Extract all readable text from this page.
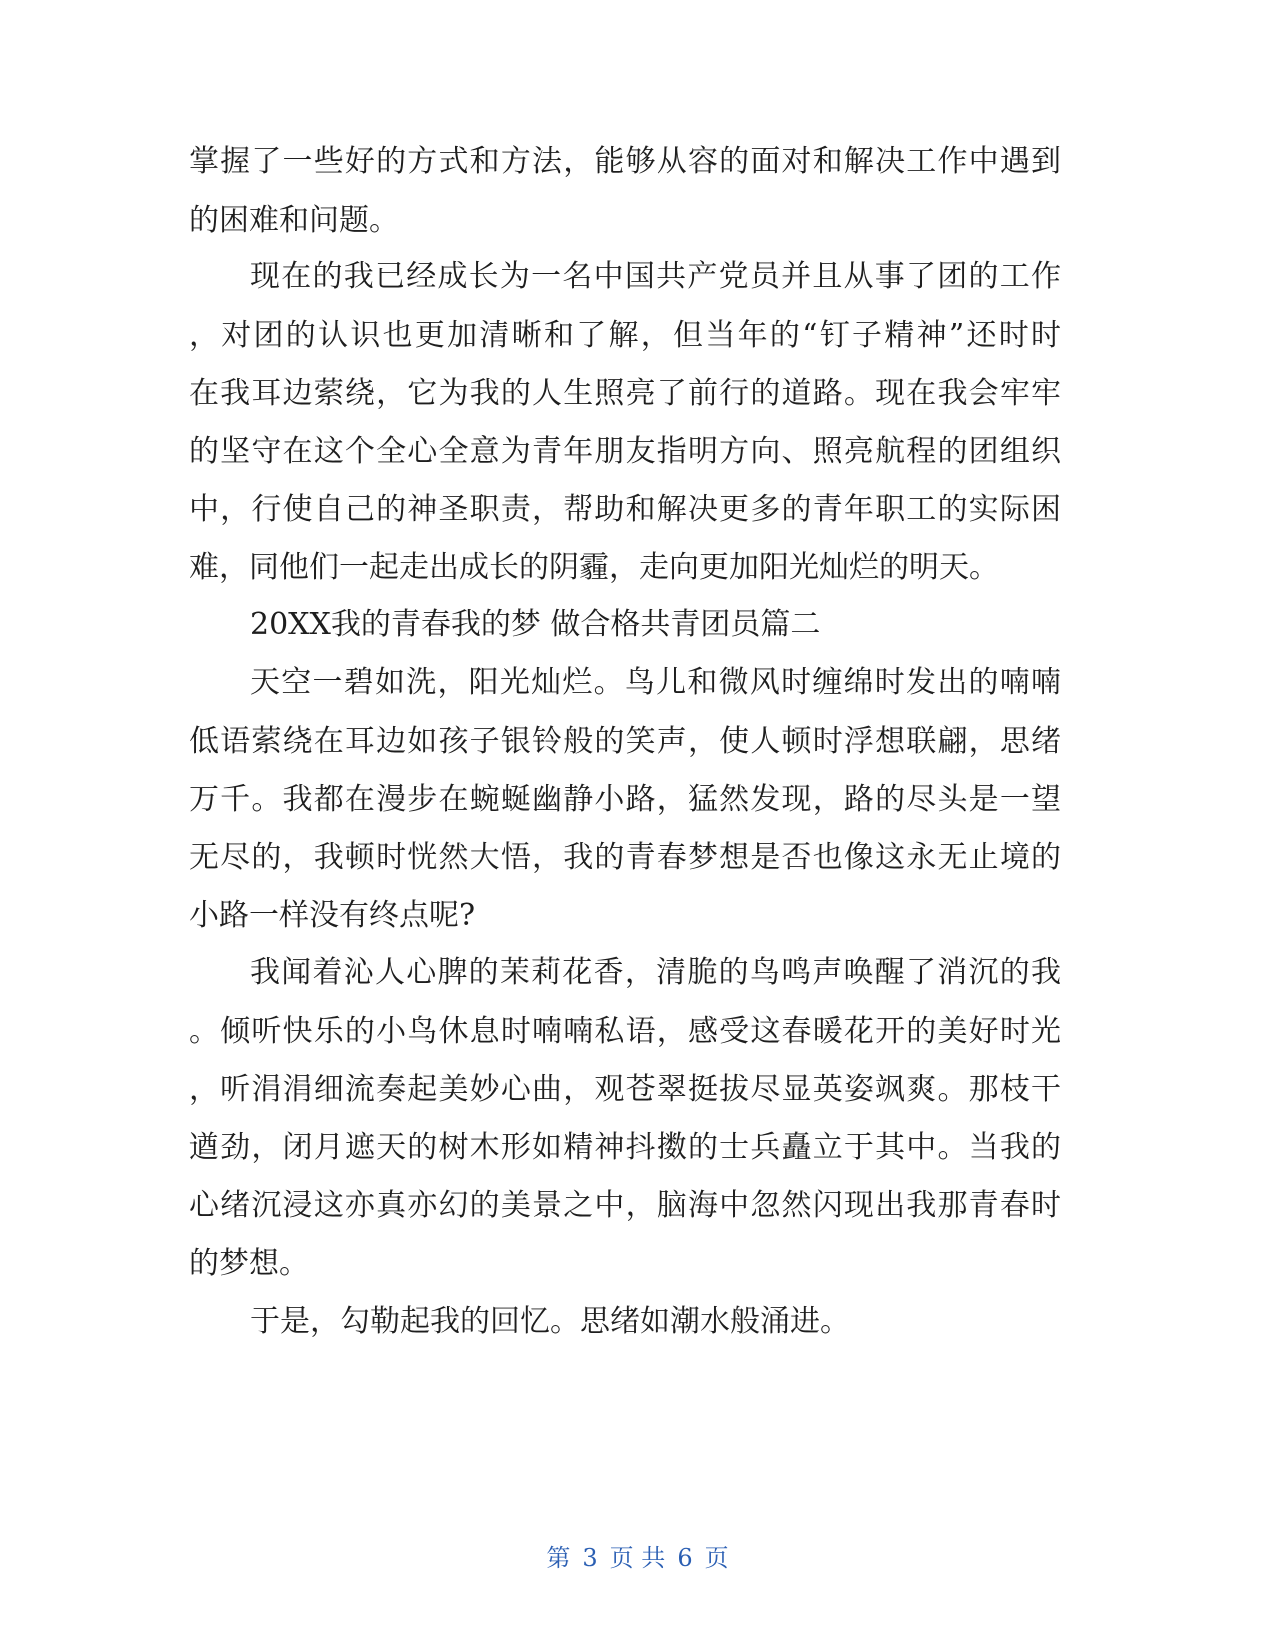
掌握了一些好的方式和方法，能够从容的面对和解决工作中遇到
的困难和问题。
现在的我已经成长为一名中国共产党员并且从事了团的工作
，对团的认识也更加清晰和了解，但当年的“钉子精神”还时时
在我耳边萦绕，它为我的人生照亮了前行的道路。现在我会牢牢
的坚守在这个全心全意为青年朋友指明方向、照亮航程的团组织
中，行使自己的神圣职责，帮助和解决更多的青年职工的实际困
难，同他们一起走出成长的阴霾，走向更加阳光灿烂的明天。
20XX我的青春我的梦 做合格共青团员篇二
天空一碧如洗，阳光灿烂。鸟儿和微风时缠绵时发出的喃喃
低语萦绕在耳边如孩子银铃般的笑声，使人顿时浮想联翩，思绪
万千。我都在漫步在蜿蜒幽静小路，猛然发现，路的尽头是一望
无尽的，我顿时恍然大悟，我的青春梦想是否也像这永无止境的
小路一样没有终点呢?
我闻着沁人心脾的茉莉花香，清脆的鸟鸣声唤醒了消沉的我
。倾听快乐的小鸟休息时喃喃私语，感受这春暖花开的美好时光
，听涓涓细流奏起美妙心曲，观苍翠挺拔尽显英姿飒爽。那枝干
遒劲，闭月遮天的树木形如精神抖擞的士兵矗立于其中。当我的
心绪沉浸这亦真亦幻的美景之中，脑海中忽然闪现出我那青春时
的梦想。
于是，勾勒起我的回忆。思绪如潮水般涌进。
第 3 页 共 6 页
